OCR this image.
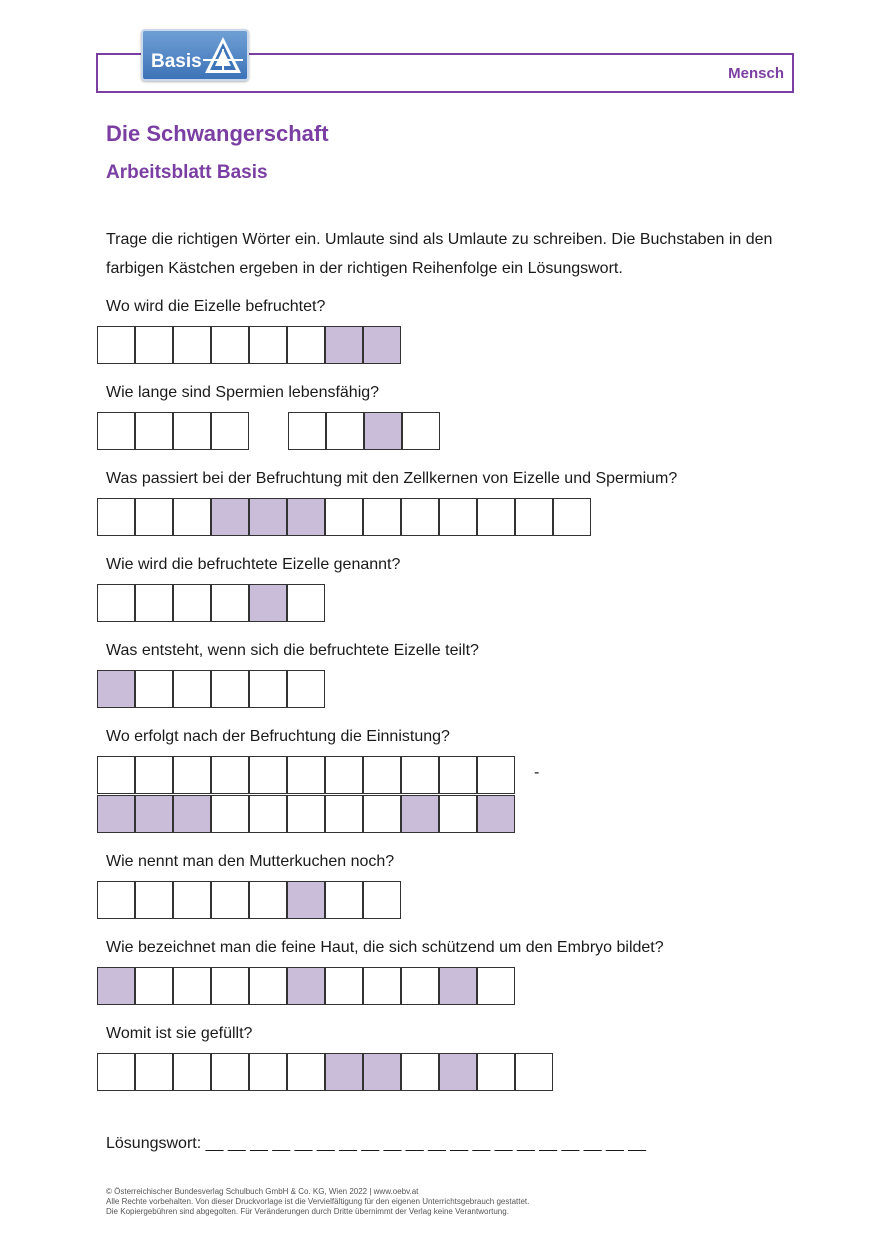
Mensch
Basis
Die Schwangerschaft
Arbeitsblatt Basis
Trage die richtigen Wörter ein. Umlaute sind als Umlaute zu schreiben. Die Buchstaben in den farbigen Kästchen ergeben in der richtigen Reihenfolge ein Lösungswort.
Wo wird die Eizelle befruchtet?
Wie lange sind Spermien lebensfähig?
Was passiert bei der Befruchtung mit den Zellkernen von Eizelle und Spermium?
Wie wird die befruchtete Eizelle genannt?
Was entsteht, wenn sich die befruchtete Eizelle teilt?
Wo erfolgt nach der Befruchtung die Einnistung?
-
Wie nennt man den Mutterkuchen noch?
Wie bezeichnet man die feine Haut, die sich schützend um den Embryo bildet?
Womit ist sie gefüllt?
Lösungswort: __ __ __ __ __ __ __ __ __ __ __ __ __ __ __ __ __ __ __ __
© Österreichischer Bundesverlag Schulbuch GmbH & Co. KG, Wien 2022 | www.oebv.at
Alle Rechte vorbehalten. Von dieser Druckvorlage ist die Vervielfältigung für den eigenen Unterrichtsgebrauch gestattet.
Die Kopiergebühren sind abgegolten. Für Veränderungen durch Dritte übernimmt der Verlag keine Verantwortung.
